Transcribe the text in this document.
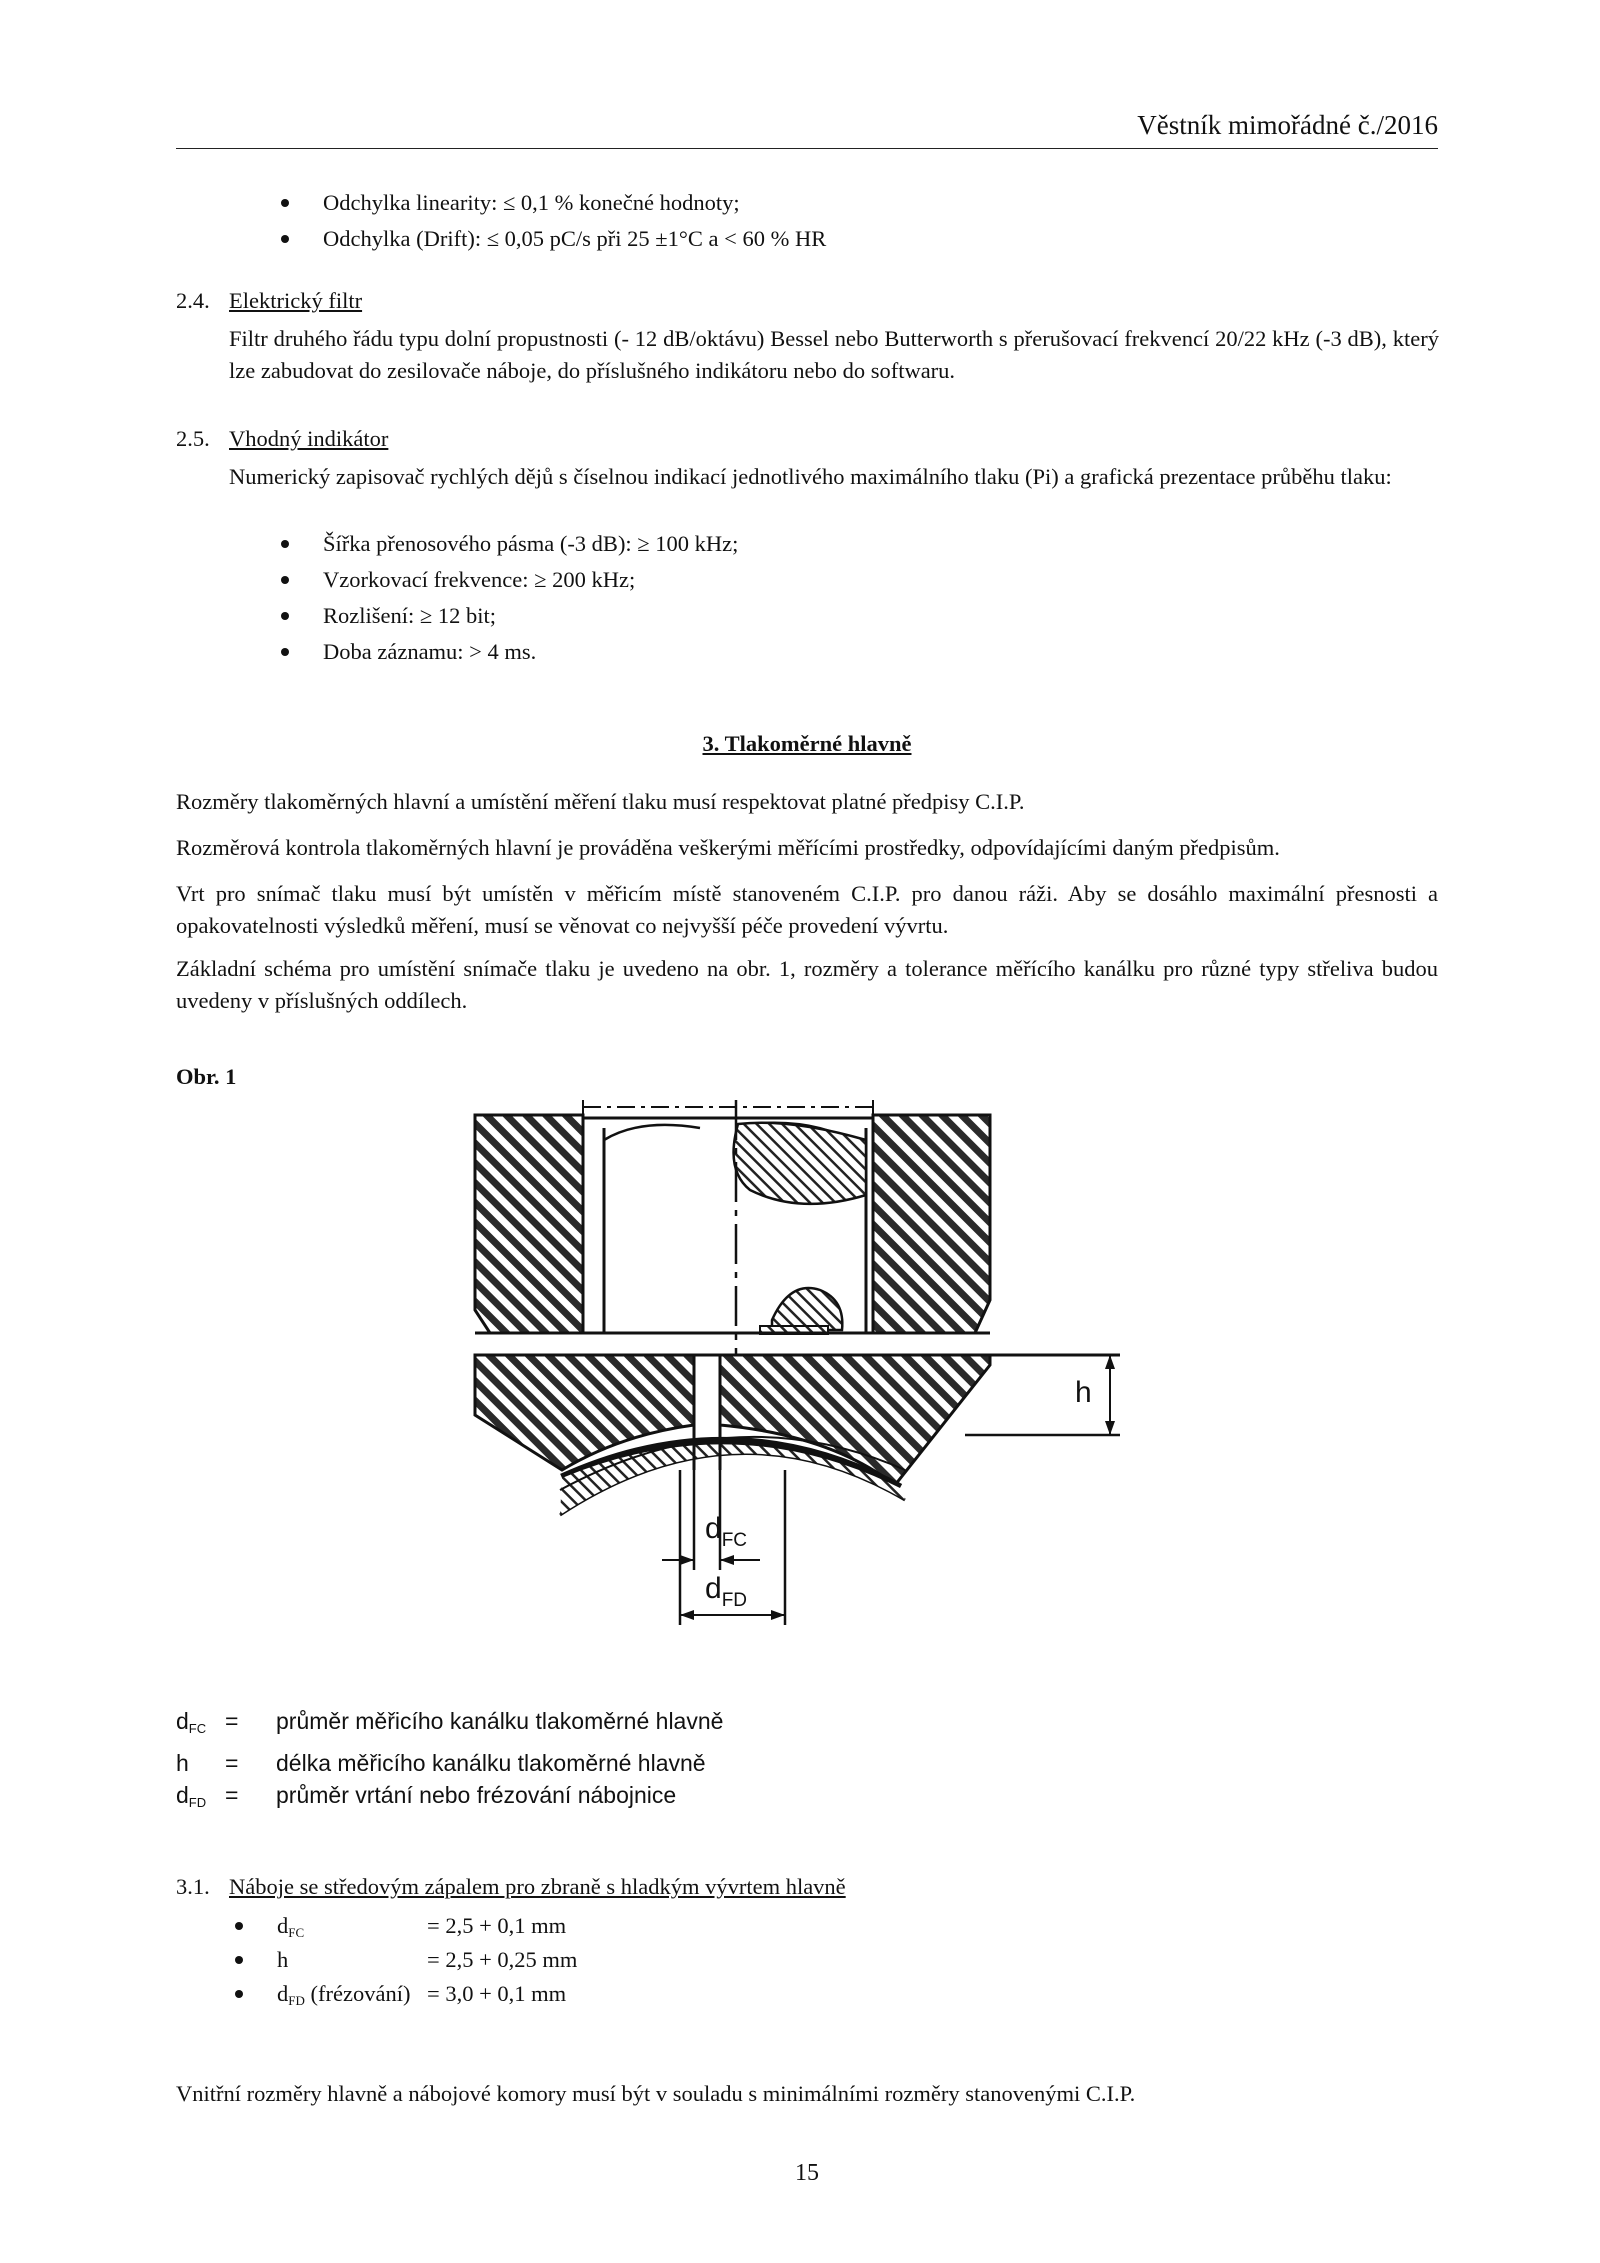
Věstník mimořádné č./2016
Odchylka linearity: ≤ 0,1 % konečné hodnoty;
Odchylka (Drift): ≤ 0,05 pC/s při 25 ±1°C a < 60 % HR
2.4. Elektrický filtr
Filtr druhého řádu typu dolní propustnosti (- 12 dB/oktávu) Bessel nebo Butterworth s přerušovací frekvencí 20/22 kHz (-3 dB), který lze zabudovat do zesilovače náboje, do příslušného indikátoru nebo do softwaru.
2.5. Vhodný indikátor
Numerický zapisovač rychlých dějů s číselnou indikací jednotlivého maximálního tlaku (Pi) a grafická prezentace průběhu tlaku:
Šířka přenosového pásma (-3 dB): ≥ 100 kHz;
Vzorkovací frekvence: ≥ 200 kHz;
Rozlišení: ≥ 12 bit;
Doba záznamu: > 4 ms.
3. Tlakoměrné hlavně
Rozměry tlakoměrných hlavní a umístění měření tlaku musí respektovat platné předpisy C.I.P.
Rozměrová kontrola tlakoměrných hlavní je prováděna veškerými měřícími prostředky, odpovídajícími daným předpisům.
Vrt pro snímač tlaku musí být umístěn v měřicím místě stanoveném C.I.P. pro danou ráži. Aby se dosáhlo maximální přesnosti a opakovatelnosti výsledků měření, musí se věnovat co nejvyšší péče provedení vývrtu.
Základní schéma pro umístění snímače tlaku je uvedeno na obr. 1, rozměry a tolerance měřícího kanálku pro různé typy střeliva budou uvedeny v příslušných oddílech.
Obr. 1
h
$d_{FC}$
$d_{FD}$
$d_{FC}$ = průměr měřicího kanálku tlakoměrné hlavně
h	= délka měřicího kanálku tlakoměrné hlavně
$d_{FD}$ = průměr vrtání nebo frézování nábojnice
3.1. Náboje se středovým zápalem pro zbraně s hladkým vývrtem hlavně
$d_{FC}$	= 2,5 + 0,1 mm
h	= 2,5 + 0,25 mm
$d_{FD}$ (frézování) = 3,0 + 0,1 mm
Vnitřní rozměry hlavně a nábojové komory musí být v souladu s minimálními rozměry stanovenými C.I.P.
15
